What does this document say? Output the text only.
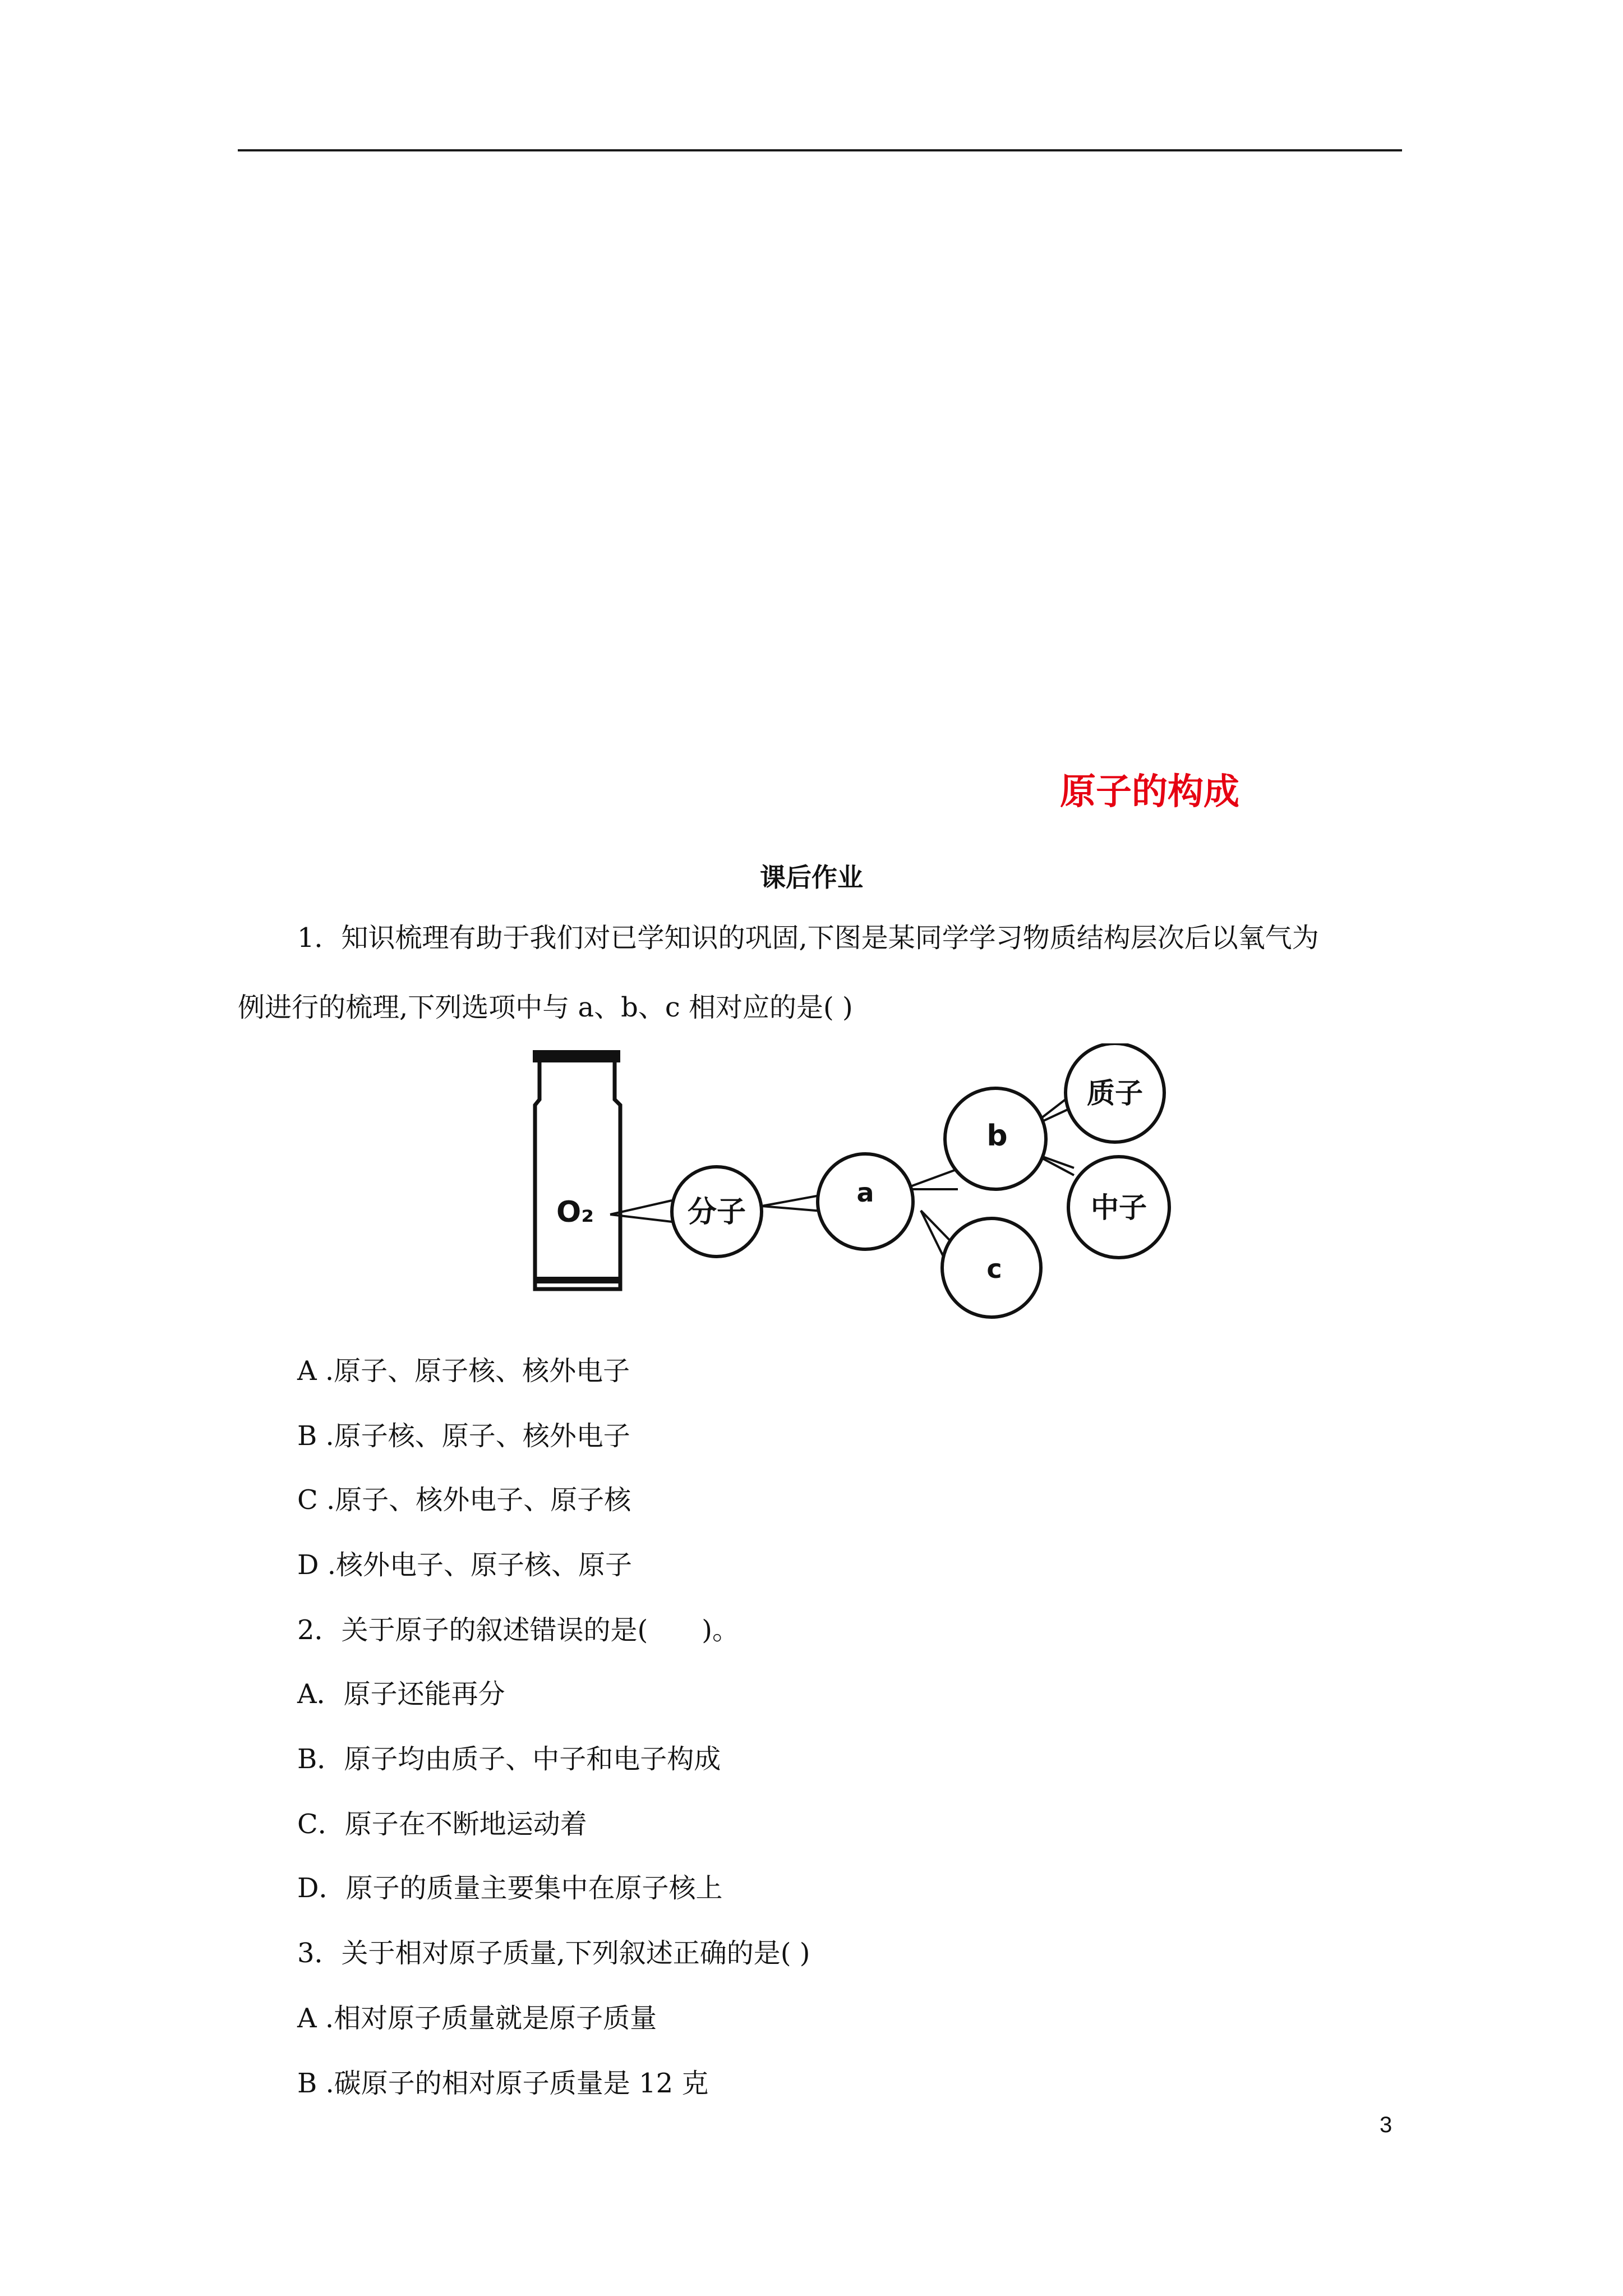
原子的构成
课后作业
1．知识梳理有助于我们对已学知识的巩固,下图是某同学学习物质结构层次后以氧气为
例进行的梳理,下列选项中与 a、b、c 相对应的是( )
O₂	分子
a
b
c
质子
中子
A .原子、原子核、核外电子
B .原子核、原子、核外电子
C .原子、核外电子、原子核
D .核外电子、原子核、原子
2．关于原子的叙述错误的是(　　)。
A．原子还能再分
B．原子均由质子、中子和电子构成
C．原子在不断地运动着
D．原子的质量主要集中在原子核上
3．关于相对原子质量,下列叙述正确的是( )
A .相对原子质量就是原子质量
B .碳原子的相对原子质量是 12 克
3
